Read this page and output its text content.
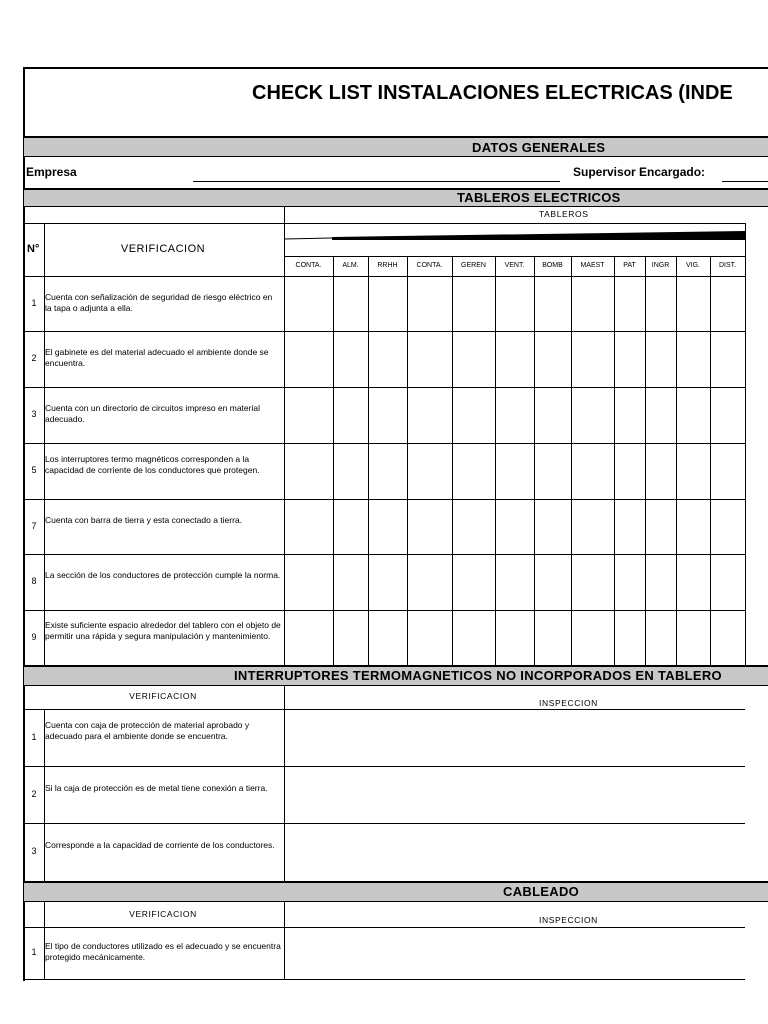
CHECK LIST INSTALACIONES ELECTRICAS (INDE
DATOS GENERALES
Empresa	Supervisor Encargado:
TABLEROS ELECTRICOS
TABLEROS
N°	VERIFICACION
CONTA.	ALM.	RRHH	CONTA.	GEREN	VENT.	BOMB	MAEST	PAT	INGR	VIG.	DIST.
1
Cuenta con señalización de seguridad de riesgo eléctrico en la tapa o adjunta a ella.
2
El gabinete es del material adecuado el ambiente donde se encuentra.
3
Cuenta con un directorio de circuitos impreso en material adecuado.
5
Los interruptores termo magnéticos corresponden a la capacidad de corriente de los conductores que protegen.
7
Cuenta con barra de tierra y esta conectado a tierra.
8
La sección de los conductores de protección cumple la norma.
9
Existe suficiente espacio alrededor del tablero con el objeto de permitir una rápida y segura manipulación y mantenimiento.
INTERRUPTORES TERMOMAGNETICOS NO INCORPORADOS EN TABLERO
VERIFICACION
INSPECCION
1
Cuenta con caja de protección de material aprobado y adecuado para el ambiente donde se encuentra.
2
Si la caja de protección es de metal tiene conexión a tierra.
3
Corresponde a la capacidad de corriente de los conductores.
CABLEADO
VERIFICACION
INSPECCION
1
El tipo de conductores utilizado es el adecuado y se encuentra protegido mecánicamente.
